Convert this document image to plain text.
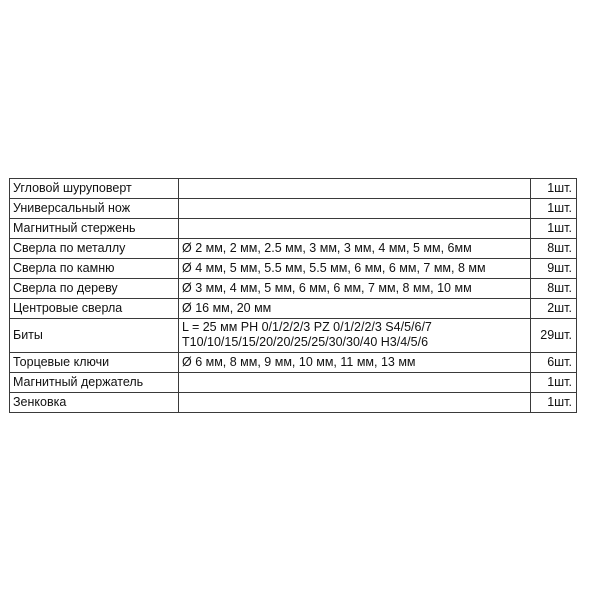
Угловой шуруповерт		1шт.
Универсальный нож		1шт.
Магнитный стержень		1шт.
Сверла по металлу	Ø 2 мм, 2 мм, 2.5 мм, 3 мм, 3 мм, 4 мм, 5 мм, 6мм	8шт.
Сверла по камню	Ø 4 мм, 5 мм, 5.5 мм, 5.5 мм, 6 мм, 6 мм, 7 мм, 8 мм	9шт.
Сверла по дереву	Ø 3 мм, 4 мм, 5 мм, 6 мм, 6 мм, 7 мм, 8 мм, 10 мм	8шт.
Центровые сверла	Ø 16 мм, 20 мм	2шт.
Биты	L = 25 мм PH 0/1/2/2/3 PZ 0/1/2/2/3 S4/5/6/7
T10/10/15/15/20/20/25/25/30/30/40 H3/4/5/6	29шт.
Торцевые ключи	Ø 6 мм, 8 мм, 9 мм, 10 мм, 11 мм, 13 мм	6шт.
Магнитный держатель		1шт.
Зенковка		1шт.
